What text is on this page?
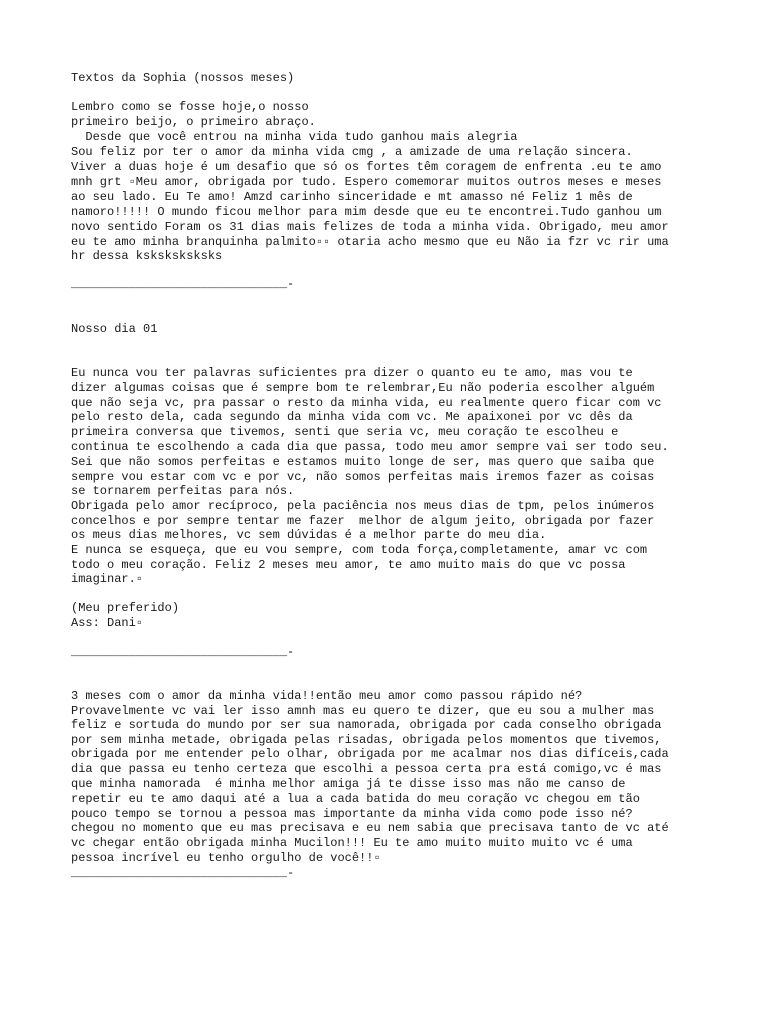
Textos da Sophia (nossos meses)

Lembro como se fosse hoje,o nosso

primeiro beijo, o primeiro abraço.

Desde que você entrou na minha vida tudo ganhou mais alegria

Sou feliz por ter o amor da minha vida cmg , a amizade de uma relação sincera.

Viver a duas hoje é um desafio que só os fortes têm coragem de enfrenta .eu te amo

mnh grt ▫Meu amor, obrigada por tudo. Espero comemorar muitos outros meses e meses

ao seu lado. Eu Te amo! Amzd carinho sinceridade e mt amasso né Feliz 1 mês de

namoro!!!!! O mundo ficou melhor para mim desde que eu te encontrei.Tudo ganhou um

novo sentido Foram os 31 dias mais felizes de toda a minha vida. Obrigado, meu amor

eu te amo minha branquinha palmito▫▫ otaria acho mesmo que eu Não ia fzr vc rir uma

hr dessa ksksksksksks

______________________________-

Nosso dia 01

Eu nunca vou ter palavras suficientes pra dizer o quanto eu te amo, mas vou te

dizer algumas coisas que é sempre bom te relembrar,Eu não poderia escolher alguém

que não seja vc, pra passar o resto da minha vida, eu realmente quero ficar com vc

pelo resto dela, cada segundo da minha vida com vc. Me apaixonei por vc dês da

primeira conversa que tivemos, senti que seria vc, meu coração te escolheu e

continua te escolhendo a cada dia que passa, todo meu amor sempre vai ser todo seu.

Sei que não somos perfeitas e estamos muito longe de ser, mas quero que saiba que

sempre vou estar com vc e por vc, não somos perfeitas mais iremos fazer as coisas

se tornarem perfeitas para nós.

Obrigada pelo amor recíproco, pela paciência nos meus dias de tpm, pelos inúmeros

concelhos e por sempre tentar me fazer  melhor de algum jeito, obrigada por fazer

os meus dias melhores, vc sem dúvidas é a melhor parte do meu dia.

E nunca se esqueça, que eu vou sempre, com toda força,completamente, amar vc com

todo o meu coração. Feliz 2 meses meu amor, te amo muito mais do que vc possa

imaginar.▫

(Meu preferido)

Ass: Dani▫

______________________________-

3 meses com o amor da minha vida!!então meu amor como passou rápido né?

Provavelmente vc vai ler isso amnh mas eu quero te dizer, que eu sou a mulher mas

feliz e sortuda do mundo por ser sua namorada, obrigada por cada conselho obrigada

por sem minha metade, obrigada pelas risadas, obrigada pelos momentos que tivemos,

obrigada por me entender pelo olhar, obrigada por me acalmar nos dias difíceis,cada

dia que passa eu tenho certeza que escolhi a pessoa certa pra está comigo,vc é mas

que minha namorada  é minha melhor amiga já te disse isso mas não me canso de

repetir eu te amo daqui até a lua a cada batida do meu coração vc chegou em tão

pouco tempo se tornou a pessoa mas importante da minha vida como pode isso né?

chegou no momento que eu mas precisava e eu nem sabia que precisava tanto de vc até

vc chegar então obrigada minha Mucilon!!! Eu te amo muito muito muito vc é uma

pessoa incrível eu tenho orgulho de você!!▫

______________________________-
